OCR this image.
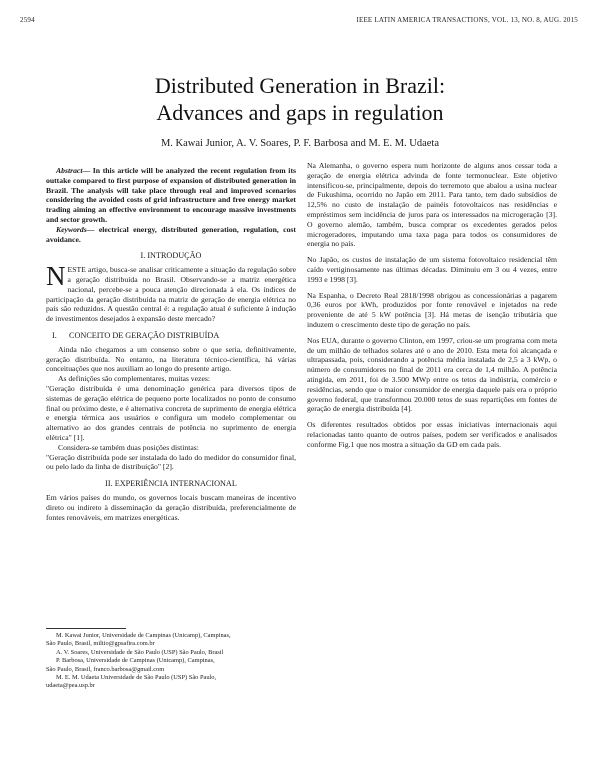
2594	IEEE LATIN AMERICA TRANSACTIONS, VOL. 13, NO. 8, AUG. 2015
Distributed Generation in Brazil:
Advances and gaps in regulation
M. Kawai Junior, A. V. Soares, P. F. Barbosa and M. E. M. Udaeta

Abstract— In this article will be analyzed the recent regulation from its outtake compared to first purpose of expansion of distributed generation in Brazil. The analysis will take place through real and improved scenarios considering the avoided costs of grid infrastructure and free energy market trading aiming an effective environment to encourage massive investments and sector growth.

Keywords— electrical energy, distributed generation, regulation, cost avoidance.

I. INTRODUÇÃO

NESTE artigo, busca-se analisar criticamente a situação da regulação sobre a geração distribuída no Brasil. Observando-se a matriz energética nacional, percebe-se a pouca atenção direcionada à ela. Os índices de participação da geração distribuída na matriz de geração de energia elétrica no país são reduzidos. A questão central é: a regulação atual é suficiente à indução de investimentos desejados à expansão deste mercado?

I.      CONCEITO DE GERAÇÃO DISTRIBUÍDA

Ainda não chegamos a um consenso sobre o que seria, definitivamente, geração distribuída. No entanto, na literatura técnico-científica, há várias conceituações que nos auxiliam ao longo do presente artigo.

As definições são complementares, muitas vezes:

"Geração distribuída é uma denominação genérica para diversos tipos de sistemas de geração elétrica de pequeno porte localizados no ponto de consumo final ou próximo deste, e é alternativa concreta de suprimento de energia elétrica e energia térmica aos usuários e configura um modelo complementar ou alternativo ao dos grandes centrais de potência no suprimento de energia elétrica" [1].

Considera-se também duas posições distintas:

"Geração distribuída pode ser instalada do lado do medidor do consumidor final, ou pelo lado da linha de distribuição" [2].

II. EXPERIÊNCIA INTERNACIONAL

Em vários países do mundo, os governos locais buscam maneiras de incentivo direto ou indireto à disseminação da geração distribuída, preferencialmente de fontes renováveis, em matrizes energéticas.

M. Kawai Junior, Universidade de Campinas (Unicamp), Campinas,

São Paulo, Brasil, miltio@gpsafira.com.br

A. V. Soares, Universidade de São Paulo (USP) São Paulo, Brasil

P. Barbosa, Universidade de Campinas (Unicamp), Campinas,

São Paulo, Brasil, franco.barbosa@gmail.com

M. E. M. Udaeta Universidade de São Paulo (USP) São Paulo,

udaeta@pea.usp.br

Na Alemanha, o governo espera num horizonte de alguns anos cessar toda a geração de energia elétrica advinda de fonte termonuclear. Este objetivo intensificou-se, principalmente, depois do terremoto que abalou a usina nuclear de Fukushima, ocorrido no Japão em 2011. Para tanto, tem dado subsídios de 12,5% no custo de instalação de painéis fotovoltaicos nas residências e empréstimos sem incidência de juros para os interessados na microgeração [3]. O governo alemão, também, busca comprar os excedentes gerados pelos microgeradores, imputando uma taxa paga para todos os consumidores de energia no país.

No Japão, os custos de instalação de um sistema fotovoltaico residencial têm caído vertiginosamente nas últimas décadas. Diminuiu em 3 ou 4 vezes, entre 1993 e 1998 [3].

Na Espanha, o Decreto Real 2818/1998 obrigou as concessionárias a pagarem 0,36 euros por kWh, produzidos por fonte renovável e injetados na rede proveniente de até 5 kW potência [3]. Há metas de isenção tributária que induzem o crescimento deste tipo de geração no país.

Nos EUA, durante o governo Clinton, em 1997, criou-se um programa com meta de um milhão de telhados solares até o ano de 2010. Esta meta foi alcançada e ultrapassada, pois, considerando a potência média instalada de 2,5 a 3 kWp, o número de consumidores no final de 2011 era cerca de 1,4 milhão. A potência atingida, em 2011, foi de 3.500 MWp entre os tetos da indústria, comércio e residências, sendo que o maior consumidor de energia daquele país era o próprio governo federal, que transformou 20.000 tetos de suas repartições em fontes de geração de energia distribuída [4].

Os diferentes resultados obtidos por essas iniciativas internacionais aqui relacionadas tanto quanto de outros países, podem ser verificados e analisados conforme Fig.1 que nos mostra a situação da GD em cada país.
